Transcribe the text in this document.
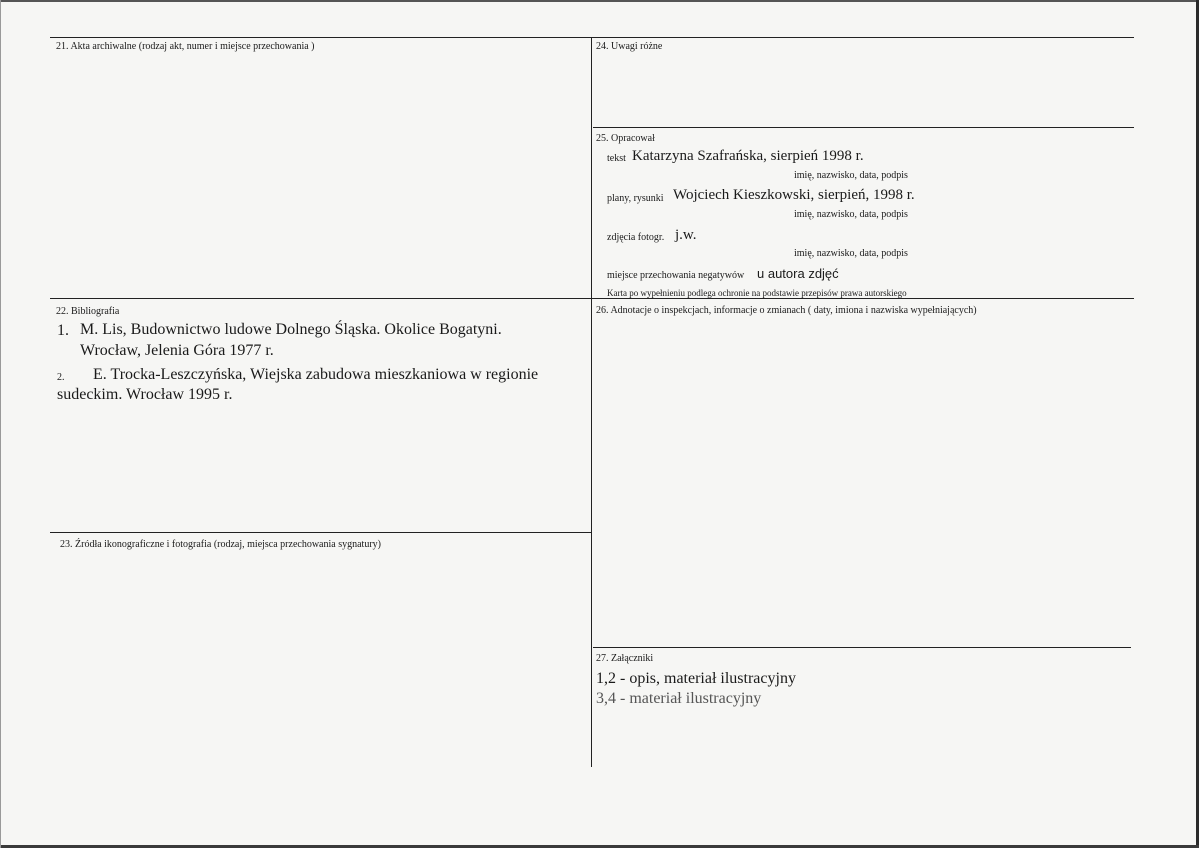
21. Akta archiwalne (rodzaj akt, numer i miejsce przechowania )
22. Bibliografia
1. M. Lis, Budownictwo ludowe Dolnego Śląska. Okolice Bogatyni.
Wrocław, Jelenia Góra 1977 r.
2. E. Trocka-Leszczyńska, Wiejska zabudowa mieszkaniowa w regionie
sudeckim. Wrocław 1995 r.
23. Źródła ikonograficzne i fotografia (rodzaj, miejsca przechowania sygnatury)
24. Uwagi różne
25. Opracował
tekst Katarzyna Szafrańska, sierpień 1998 r.
imię, nazwisko, data, podpis
plany, rysunki Wojciech Kieszkowski, sierpień, 1998 r.
imię, nazwisko, data, podpis
zdjęcia fotogr. j.w.
imię, nazwisko, data, podpis
miejsce przechowania negatywów u autora zdjęć
Karta po wypełnieniu podlega ochronie na podstawie przepisów prawa autorskiego
26. Adnotacje o inspekcjach, informacje o zmianach ( daty, imiona i nazwiska wypełniających)
27. Załączniki
1,2 - opis, materiał ilustracyjny
3,4 - materiał ilustracyjny
